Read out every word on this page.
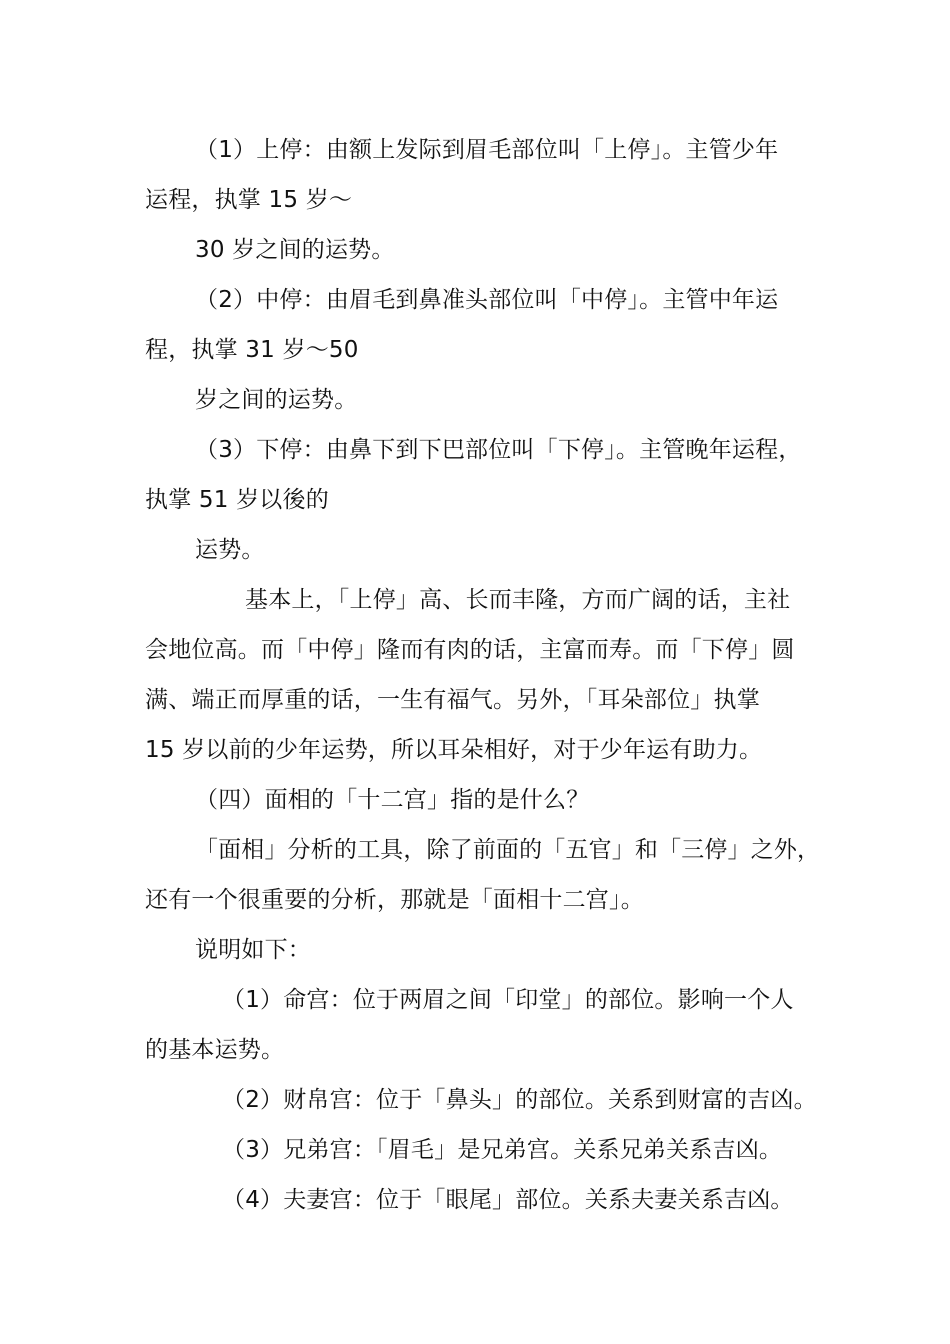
（1）上停：由额上发际到眉毛部位叫「上停」。主管少年
运程，执掌 15 岁～
30 岁之间的运势。
（2）中停：由眉毛到鼻准头部位叫「中停」。主管中年运
程，执掌 31 岁～50
岁之间的运势。
（3）下停：由鼻下到下巴部位叫「下停」。主管晚年运程，
执掌 51 岁以後的
运势。
基本上，「上停」高、长而丰隆，方而广阔的话，主社
会地位高。而「中停」隆而有肉的话，主富而寿。而「下停」圆
满、端正而厚重的话，一生有福气。另外，「耳朵部位」执掌
15 岁以前的少年运势，所以耳朵相好，对于少年运有助力。
（四）面相的「十二宫」指的是什么？
「面相」分析的工具，除了前面的「五官」和「三停」之外，
还有一个很重要的分析，那就是「面相十二宫」。
说明如下：
（1）命宫：位于两眉之间「印堂」的部位。影响一个人
的基本运势。
（2）财帛宫：位于「鼻头」的部位。关系到财富的吉凶。
（3）兄弟宫：「眉毛」是兄弟宫。关系兄弟关系吉凶。
（4）夫妻宫：位于「眼尾」部位。关系夫妻关系吉凶。
